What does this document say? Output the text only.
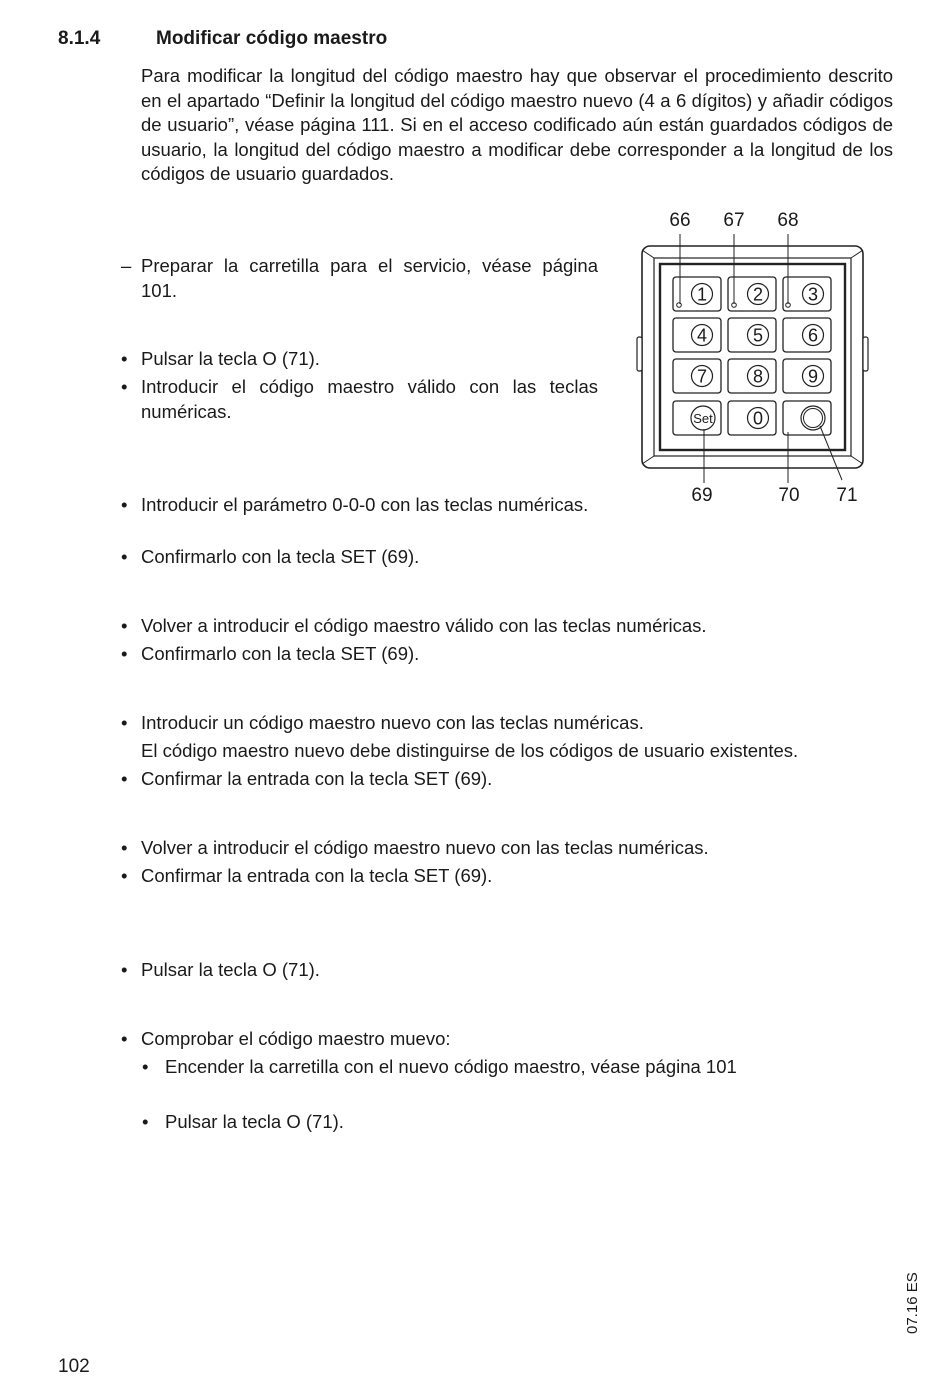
8.1.4	Modificar código maestro
Para modificar la longitud del código maestro hay que observar el procedimiento descrito en el apartado “Definir la longitud del código maestro nuevo (4 a 6 dígitos) y añadir códigos de usuario”, véase página 111. Si en el acceso codificado aún están guardados códigos de usuario, la longitud del código maestro a modificar debe corresponder a la longitud de los códigos de usuario guardados.
– Preparar la carretilla para el servicio, véase página 101.
• Pulsar la tecla O (71).
• Introducir el código maestro válido con las teclas numéricas.
• Introducir el parámetro 0-0-0 con las teclas numéricas.
• Confirmarlo con la tecla SET (69).
• Volver a introducir el código maestro válido con las teclas numéricas.
• Confirmarlo con la tecla SET (69).
• Introducir un código maestro nuevo con las teclas numéricas.
El código maestro nuevo debe distinguirse de los códigos de usuario existentes.
• Confirmar la entrada con la tecla SET (69).
• Volver a introducir el código maestro nuevo con las teclas numéricas.
• Confirmar la entrada con la tecla SET (69).
• Pulsar la tecla O (71).
• Comprobar el código maestro muevo:
• Encender la carretilla con el nuevo código maestro, véase página 101
• Pulsar la tecla O (71).
66 67 68
1	2 3
4	5 6
7	8 9
Set 0
69	70 71
102
07.16 ES
